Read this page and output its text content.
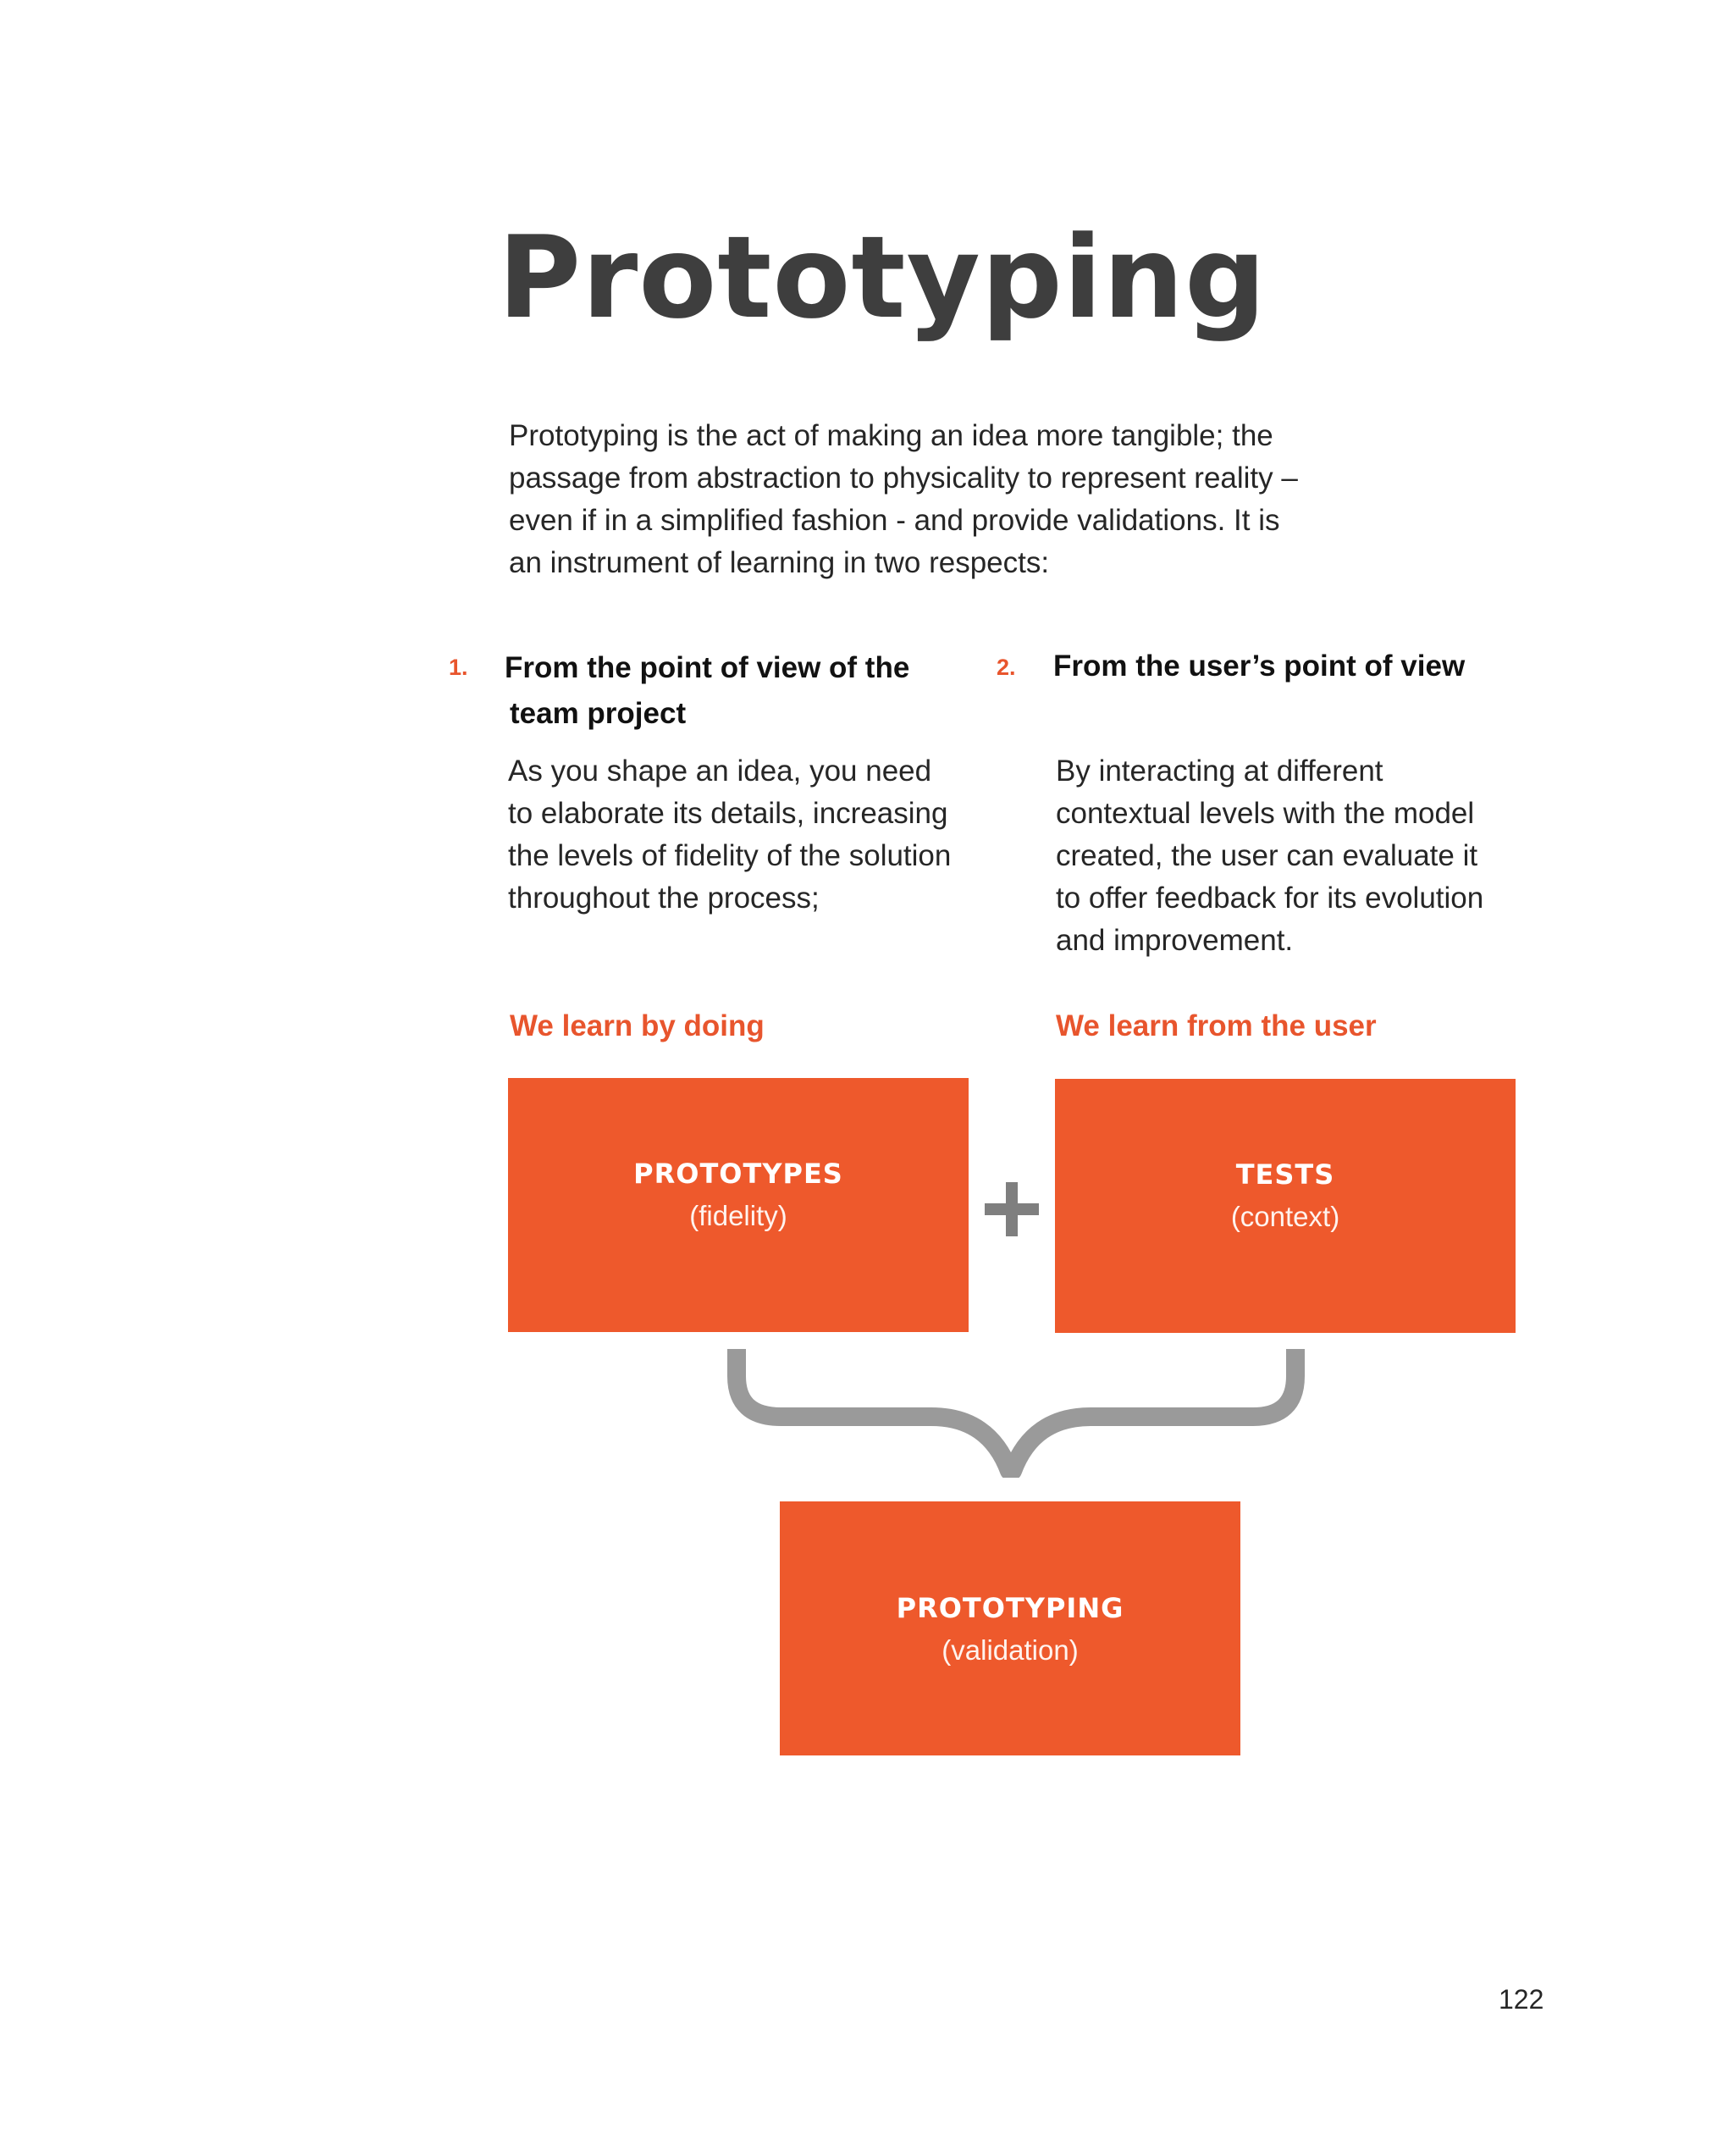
Prototyping
Prototyping is the act of making an idea more tangible; the
passage from abstraction to physicality to represent reality –
even if in a simplified fashion - and provide validations. It is
an instrument of learning in two respects:
1. From the point of view of the
team project
As you shape an idea, you need
to elaborate its details, increasing
the levels of fidelity of the solution
throughout the process;
We learn by doing
2. From the user’s point of view
By interacting at different
contextual levels with the model
created, the user can evaluate it
to offer feedback for its evolution
and improvement.
We learn from the user
PROTOTYPES
(fidelity)
TESTS
(context)
PROTOTYPING
(validation)
122
